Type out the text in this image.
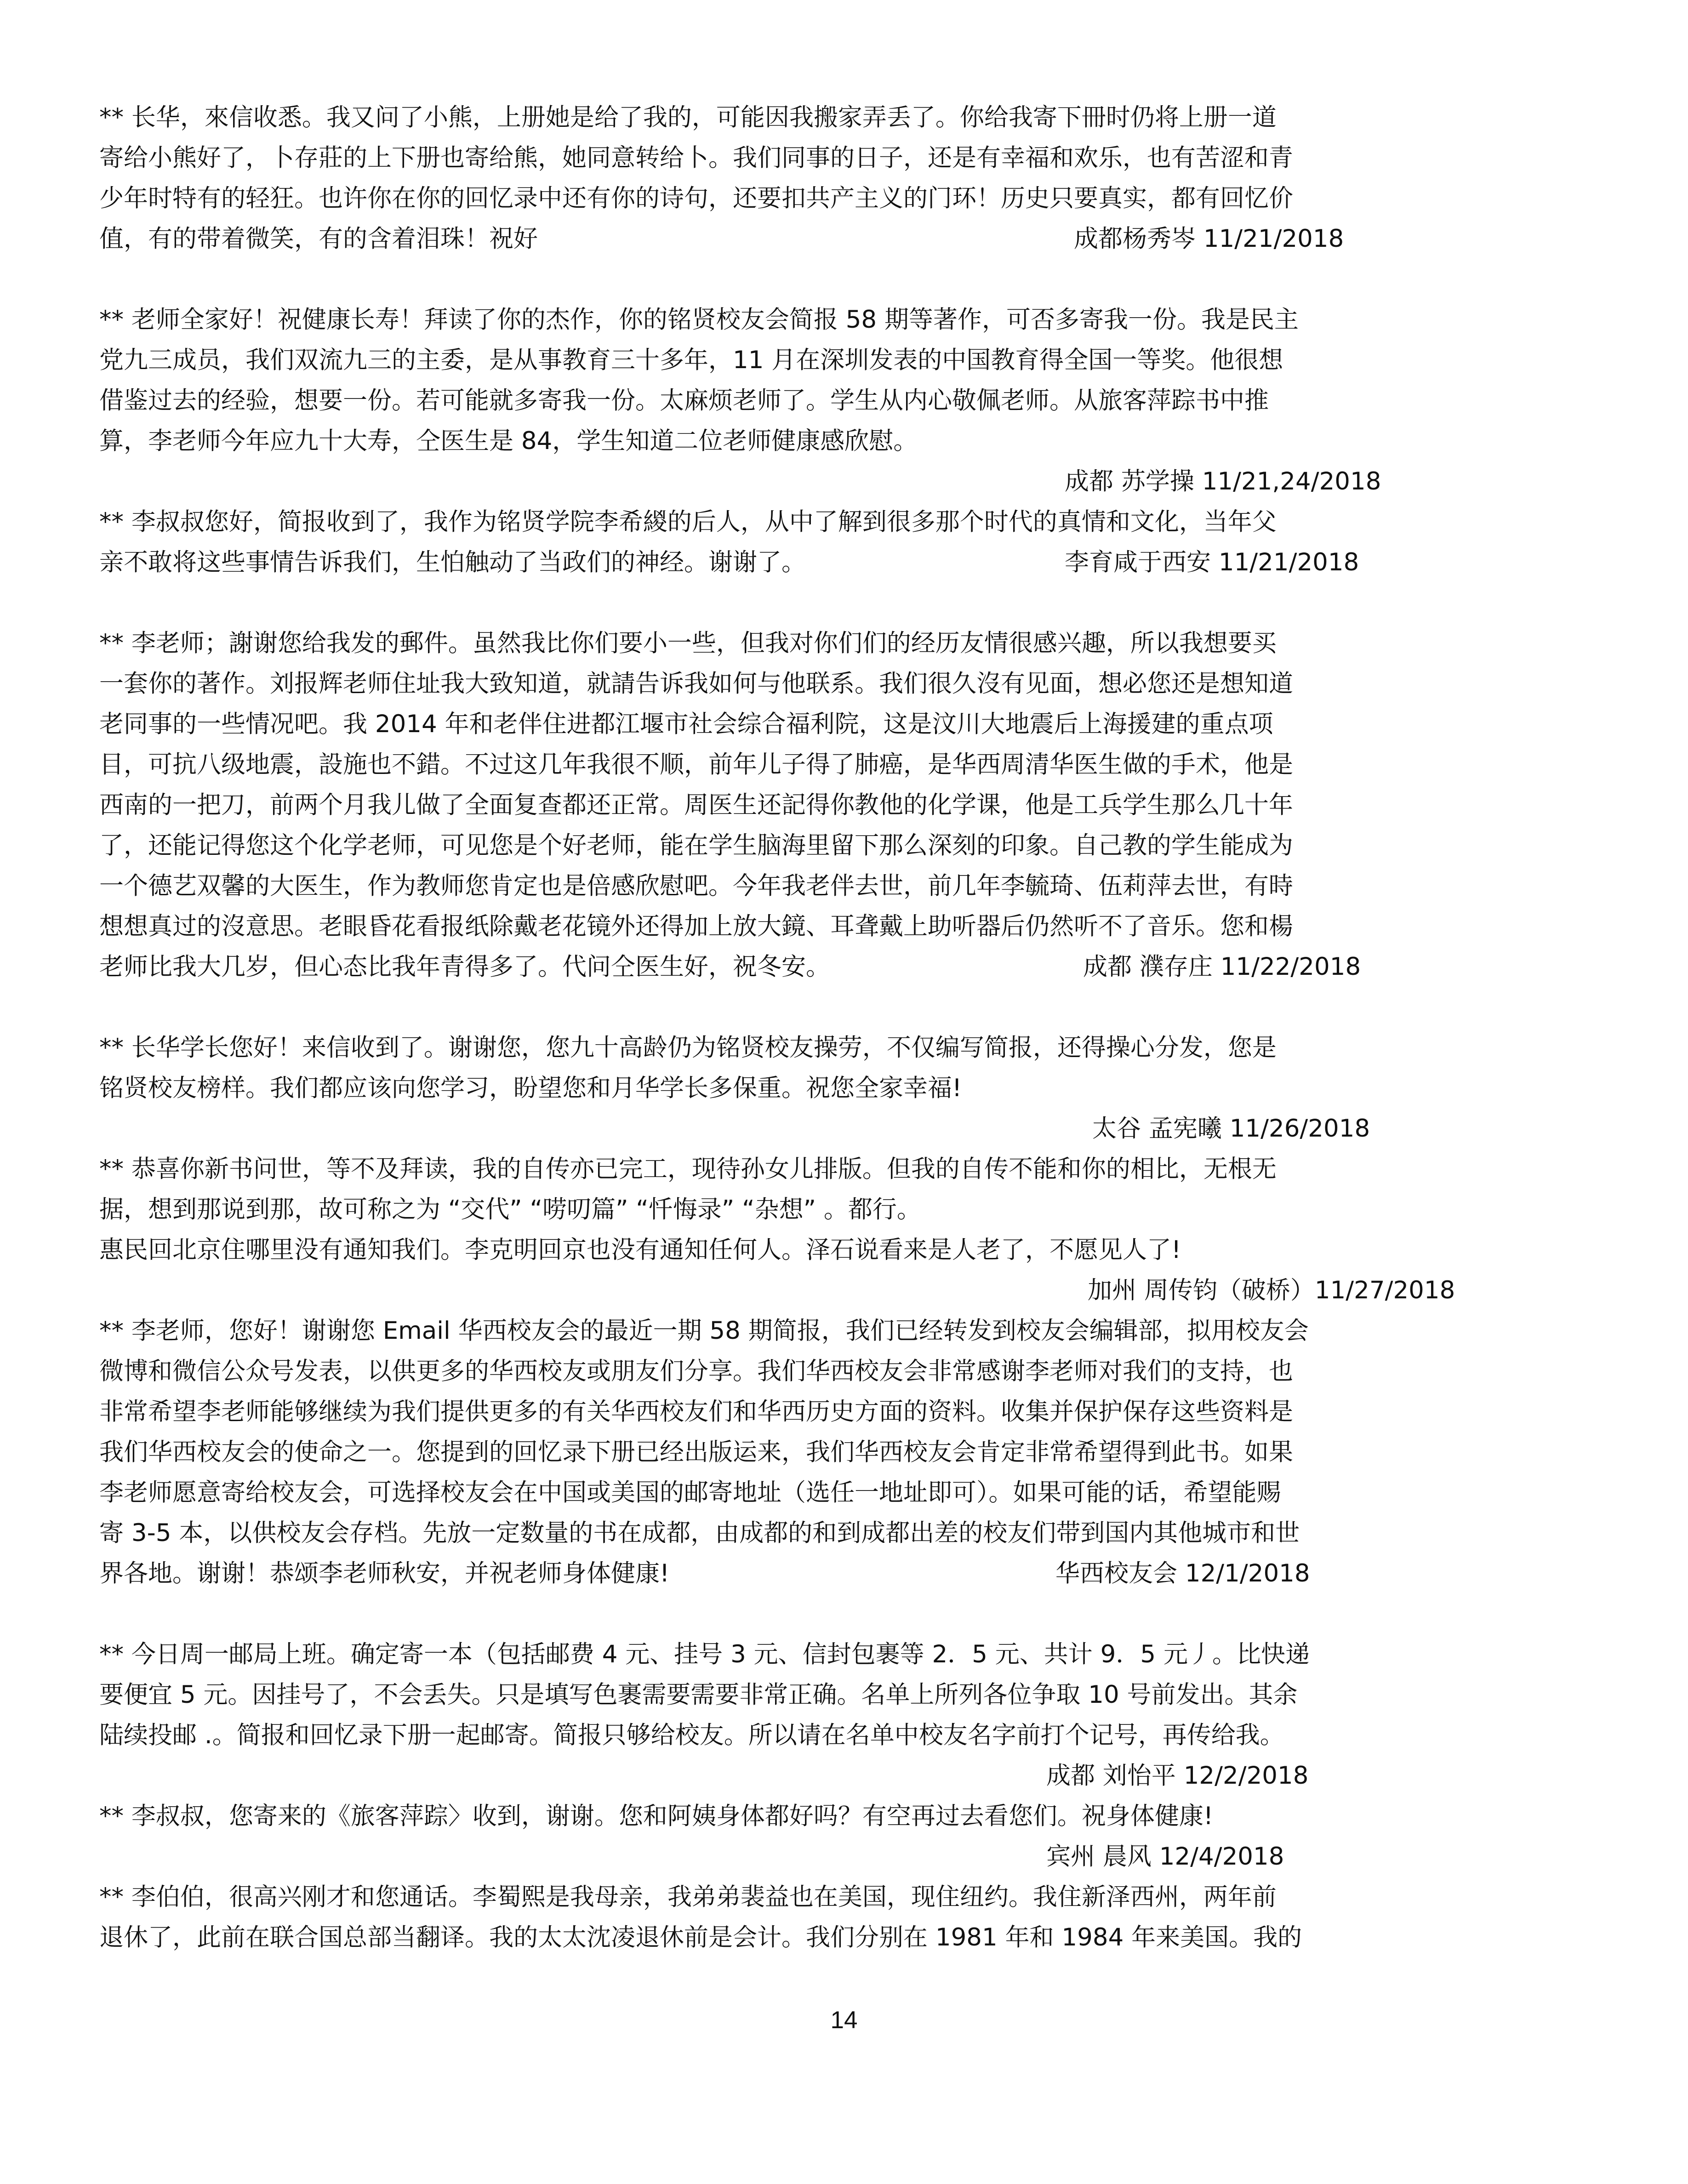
** 长华，來信收悉。我又问了小熊，上册她是给了我的，可能因我搬家弄丢了。你给我寄下冊时仍将上册一道
寄给小熊好了，卜存莊的上下册也寄给熊，她同意转给卜。我们同事的日子，还是有幸福和欢乐，也有苦涩和青
少年时特有的轻狂。也许你在你的回忆录中还有你的诗句，还要扣共产主义的门环！历史只要真实，都有回忆价
值，有的带着微笑，有的含着泪珠！祝好	成都杨秀岑 11/21/2018
** 老师全家好！祝健康长寿！拜读了你的杰作，你的铭贤校友会简报 58 期等著作，可否多寄我一份。我是民主
党九三成员，我们双流九三的主委，是从事教育三十多年，11 月在深圳发表的中国教育得全国一等奖。他很想
借鉴过去的经验，想要一份。若可能就多寄我一份。太麻烦老师了。学生从内心敬佩老师。从旅客萍踪书中推
算，李老师今年应九十大寿，仝医生是 84，学生知道二位老师健康感欣慰。
成都 苏学操 11/21,24/2018
** 李叔叔您好，简报收到了，我作为铭贤学院李希緵的后人，从中了解到很多那个时代的真情和文化，当年父
亲不敢将这些事情告诉我们，生怕触动了当政们的神经。谢谢了。	李育咸于西安 11/21/2018
** 李老师；謝谢您给我发的郵件。虽然我比你们要小一些，但我对你们们的经历友情很感兴趣，所以我想要买
一套你的著作。刘报辉老师住址我大致知道，就請告诉我如何与他联系。我们很久沒有见面，想必您还是想知道
老同事的一些情况吧。我 2014 年和老伴住进都江堰市社会综合福利院，这是汶川大地震后上海援建的重点项
目，可抗八级地震，設施也不錯。不过这几年我很不顺，前年儿子得了肺癌，是华西周清华医生做的手术，他是
西南的一把刀，前两个月我儿做了全面复查都还正常。周医生还記得你教他的化学课，他是工兵学生那么几十年
了，还能记得您这个化学老师，可见您是个好老师，能在学生脑海里留下那么深刻的印象。自己教的学生能成为
一个德艺双馨的大医生，作为教师您肯定也是倍感欣慰吧。今年我老伴去世，前几年李毓琦、伍莉萍去世，有時
想想真过的沒意思。老眼昏花看报纸除戴老花镜外还得加上放大鏡、耳聋戴上助听器后仍然听不了音乐。您和楊
老师比我大几岁，但心态比我年青得多了。代问仝医生好，祝冬安。	成都 濮存庄 11/22/2018
** 长华学长您好！来信收到了。谢谢您，您九十高龄仍为铭贤校友操劳，不仅编写简报，还得操心分发，您是
铭贤校友榜样。我们都应该向您学习，盼望您和月华学长多保重。祝您全家幸福!
太谷 孟宪曦 11/26/2018
** 恭喜你新书问世，等不及拜读，我的自传亦已完工，现待孙女儿排版。但我的自传不能和你的相比，无根无
据，想到那说到那，故可称之为 “交代” “唠叨篇” “忏悔录” “杂想” 。都行。
惠民回北京住哪里没有通知我们。李克明回京也没有通知任何人。泽石说看来是人老了，不愿见人了!
加州 周传钧（破桥）11/27/2018
** 李老师，您好！谢谢您 Email 华西校友会的最近一期 58 期简报，我们已经转发到校友会编辑部，拟用校友会
微博和微信公众号发表，以供更多的华西校友或朋友们分享。我们华西校友会非常感谢李老师对我们的支持，也
非常希望李老师能够继续为我们提供更多的有关华西校友们和华西历史方面的资料。收集并保护保存这些资料是
我们华西校友会的使命之一。您提到的回忆录下册已经出版运来，我们华西校友会肯定非常希望得到此书。如果
李老师愿意寄给校友会，可选择校友会在中国或美国的邮寄地址（选任一地址即可）。如果可能的话，希望能赐
寄 3-5 本，以供校友会存档。先放一定数量的书在成都，由成都的和到成都出差的校友们带到国内其他城市和世
界各地。谢谢！恭颂李老师秋安，并祝老师身体健康!	华西校友会 12/1/2018
** 今日周一邮局上班。确定寄一本（包括邮费 4 元、挂号 3 元、信封包裹等 2．5 元、共计 9．5 元丿。比快递
要便宜 5 元。因挂号了，不会丢失。只是填写色裹需要需要非常正确。名单上所列各位争取 10 号前发出。其余
陆续投邮 .。简报和回忆录下册一起邮寄。简报只够给校友。所以请在名单中校友名字前打个记号，再传给我。
成都 刘怡平 12/2/2018
** 李叔叔，您寄来的《旅客萍踪〉收到，谢谢。您和阿姨身体都好吗？有空再过去看您们。祝身体健康!
宾州 晨风 12/4/2018
** 李伯伯，很高兴刚才和您通话。李蜀熙是我母亲，我弟弟裴益也在美国，现住纽约。我住新泽西州，两年前
退休了，此前在联合国总部当翻译。我的太太沈凌退休前是会计。我们分别在 1981 年和 1984 年来美国。我的
14
